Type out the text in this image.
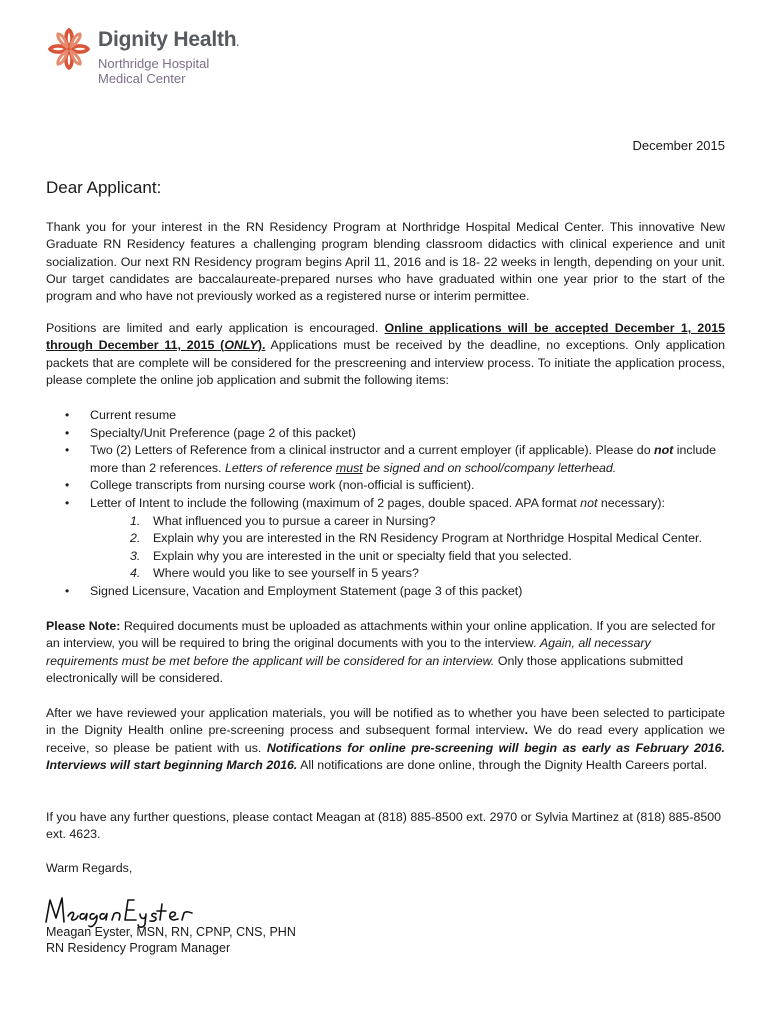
Dignity Health.
Northridge Hospital
Medical Center
December 2015
Dear Applicant:

Thank you for your interest in the RN Residency Program at Northridge Hospital Medical Center. This innovative New Graduate RN Residency features a challenging program blending classroom didactics with clinical experience and unit socialization. Our next RN Residency program begins April 11, 2016 and is 18- 22 weeks in length, depending on your unit. Our target candidates are baccalaureate-prepared nurses who have graduated within one year prior to the start of the program and who have not previously worked as a registered nurse or interim permittee.

Positions are limited and early application is encouraged. Online applications will be accepted December 1, 2015 through December 11, 2015 (ONLY). Applications must be received by the deadline, no exceptions. Only application packets that are complete will be considered for the prescreening and interview process. To initiate the application process, please complete the online job application and submit the following items:

• Current resume
• Specialty/Unit Preference (page 2 of this packet)
• Two (2) Letters of Reference from a clinical instructor and a current employer (if applicable). Please do not include more than 2 references. Letters of reference must be signed and on school/company letterhead.
• College transcripts from nursing course work (non-official is sufficient).
• Letter of Intent to include the following (maximum of 2 pages, double spaced. APA format not necessary):
1. What influenced you to pursue a career in Nursing?
2. Explain why you are interested in the RN Residency Program at Northridge Hospital Medical Center.
3. Explain why you are interested in the unit or specialty field that you selected.
4. Where would you like to see yourself in 5 years?
• Signed Licensure, Vacation and Employment Statement (page 3 of this packet)

Please Note: Required documents must be uploaded as attachments within your online application. If you are selected for an interview, you will be required to bring the original documents with you to the interview. Again, all necessary requirements must be met before the applicant will be considered for an interview. Only those applications submitted electronically will be considered.

After we have reviewed your application materials, you will be notified as to whether you have been selected to participate in the Dignity Health online pre-screening process and subsequent formal interview. We do read every application we receive, so please be patient with us. Notifications for online pre-screening will begin as early as February 2016. Interviews will start beginning March 2016. All notifications are done online, through the Dignity Health Careers portal.

If you have any further questions, please contact Meagan at (818) 885-8500 ext. 2970 or Sylvia Martinez at (818) 885-8500 ext. 4623.

Warm Regards,

Meagan Eyster, MSN, RN, CPNP, CNS, PHN
RN Residency Program Manager
